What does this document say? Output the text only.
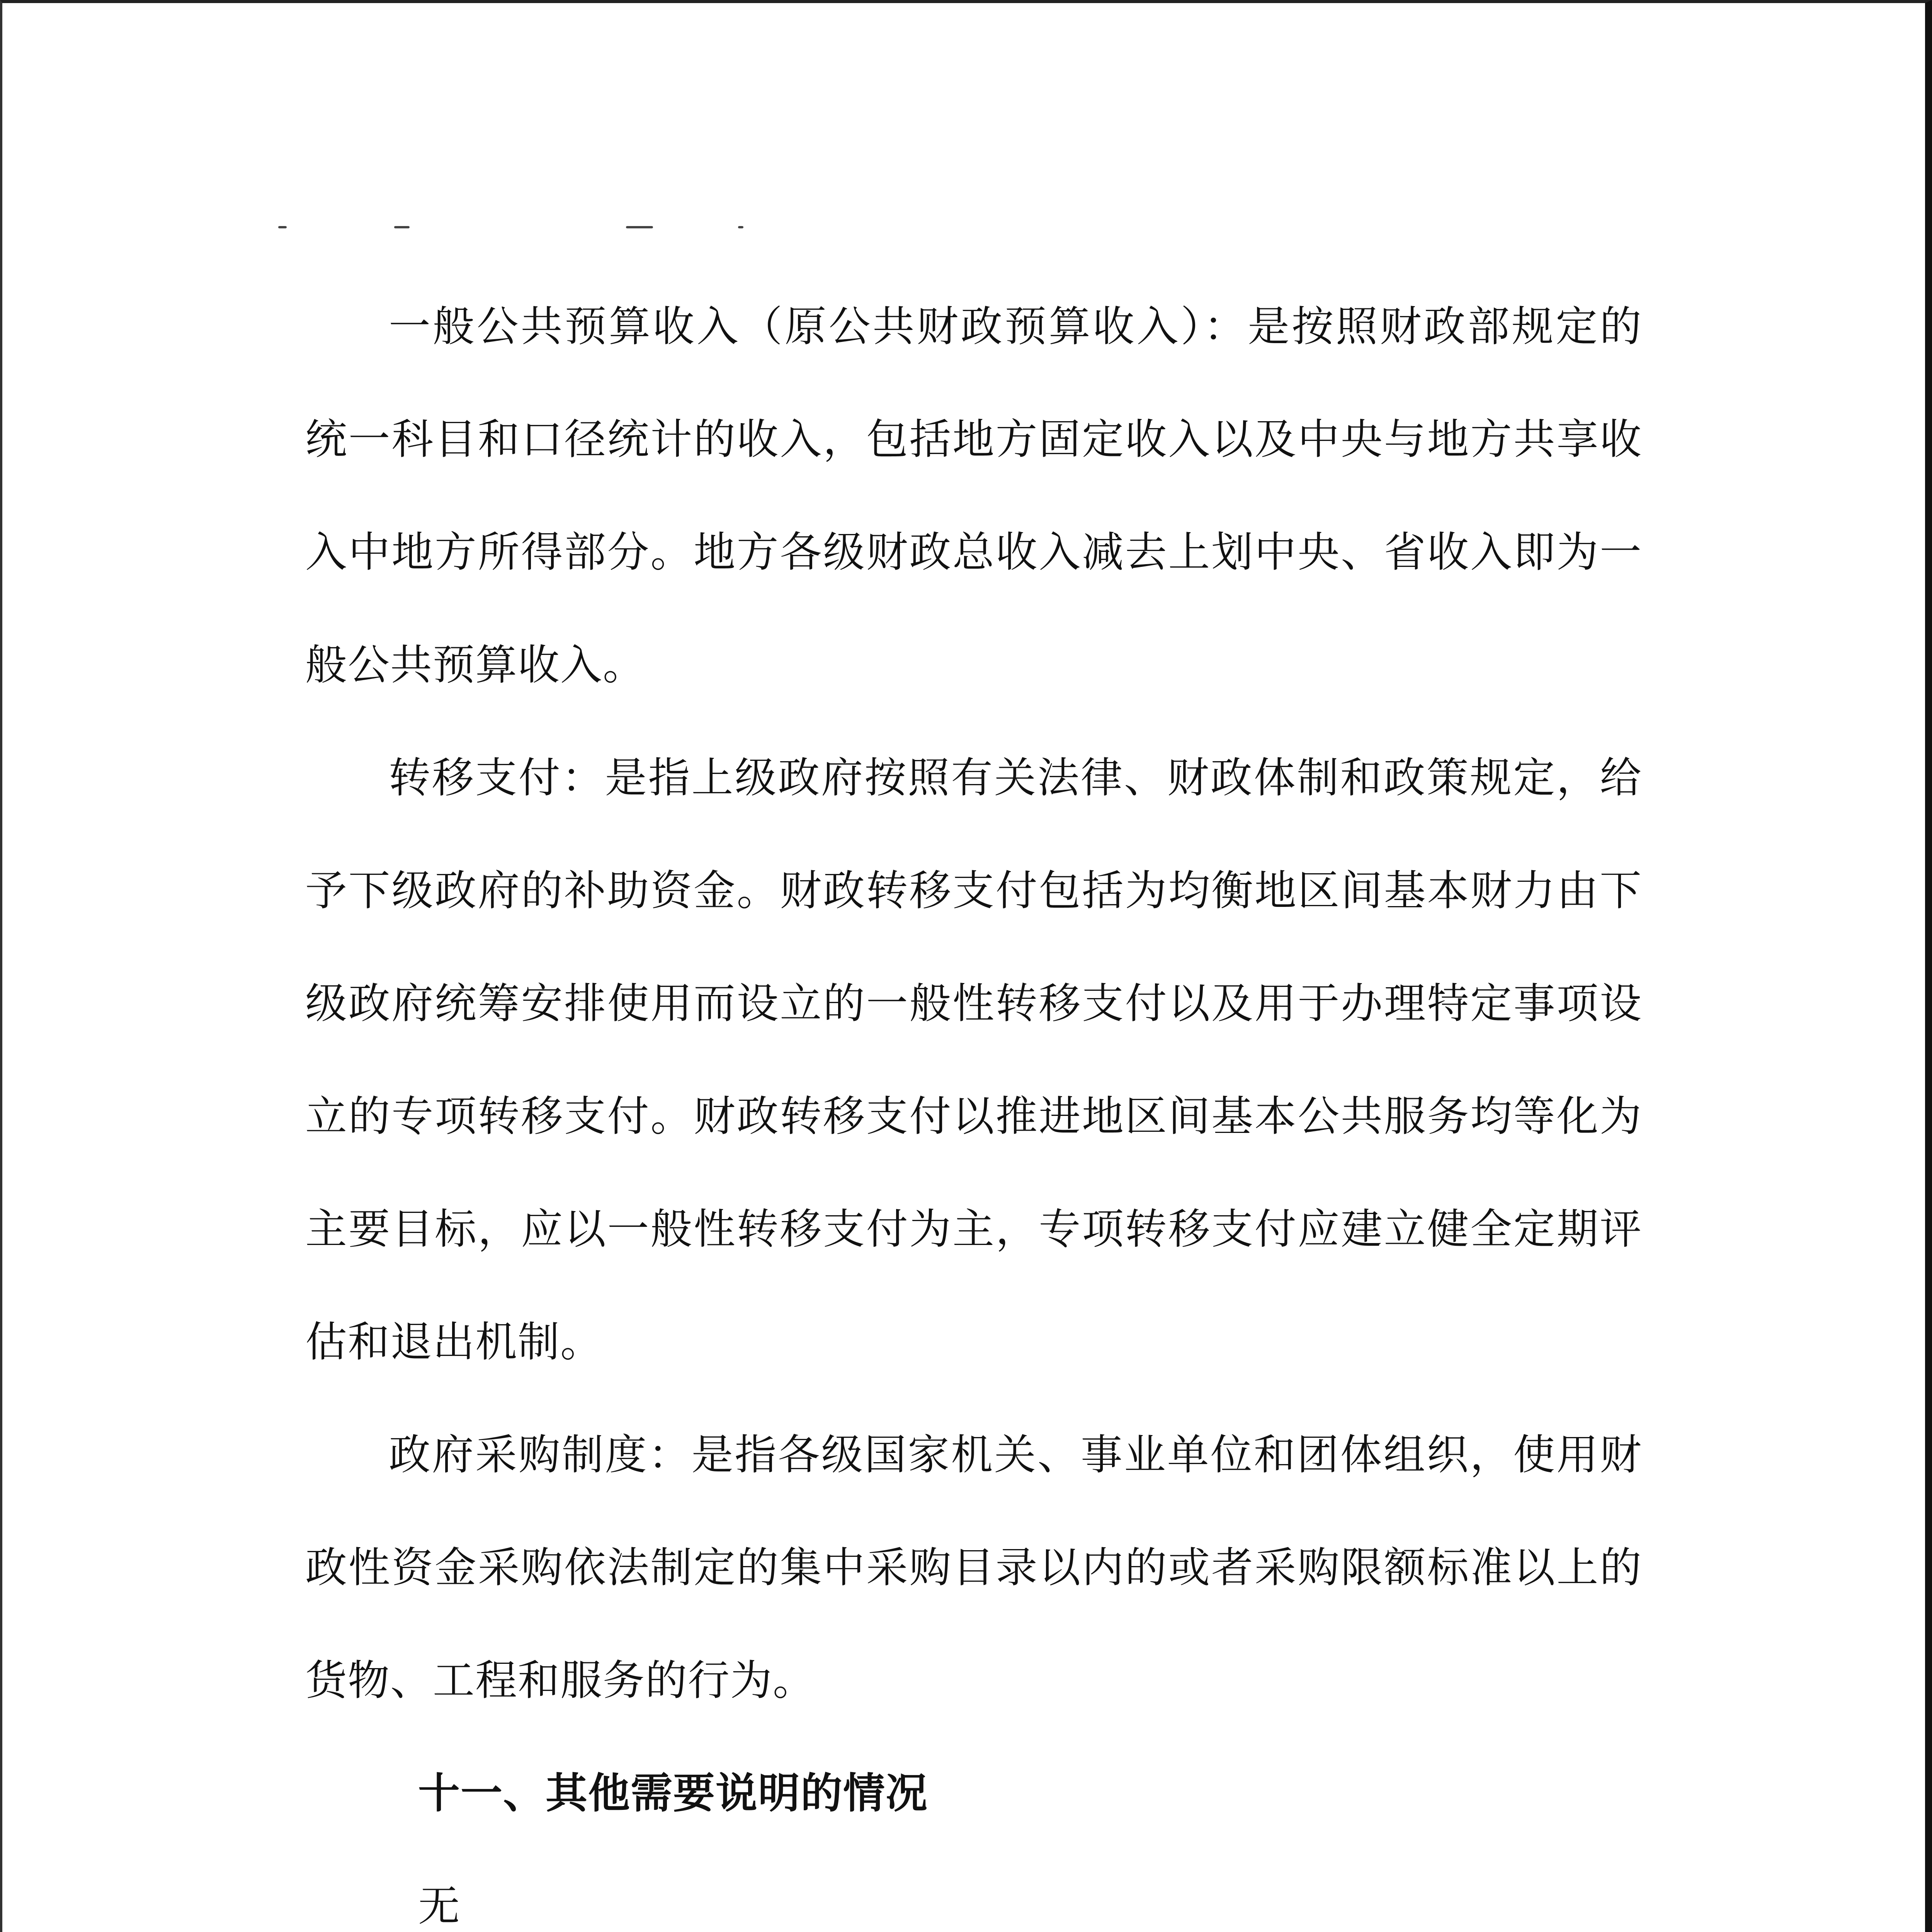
一般公共预算收入（原公共财政预算收入）：是按照财政部规定的统一科目和口径统计的收入，包括地方固定收入以及中央与地方共享收入中地方所得部分。地方各级财政总收入减去上划中央、省收入即为一般公共预算收入。

转移支付：是指上级政府按照有关法律、财政体制和政策规定，给予下级政府的补助资金。财政转移支付包括为均衡地区间基本财力由下级政府统筹安排使用而设立的一般性转移支付以及用于办理特定事项设立的专项转移支付。财政转移支付以推进地区间基本公共服务均等化为主要目标，应以一般性转移支付为主，专项转移支付应建立健全定期评估和退出机制。

政府采购制度：是指各级国家机关、事业单位和团体组织，使用财政性资金采购依法制定的集中采购目录以内的或者采购限额标准以上的货物、工程和服务的行为。

十一、其他需要说明的情况

无
